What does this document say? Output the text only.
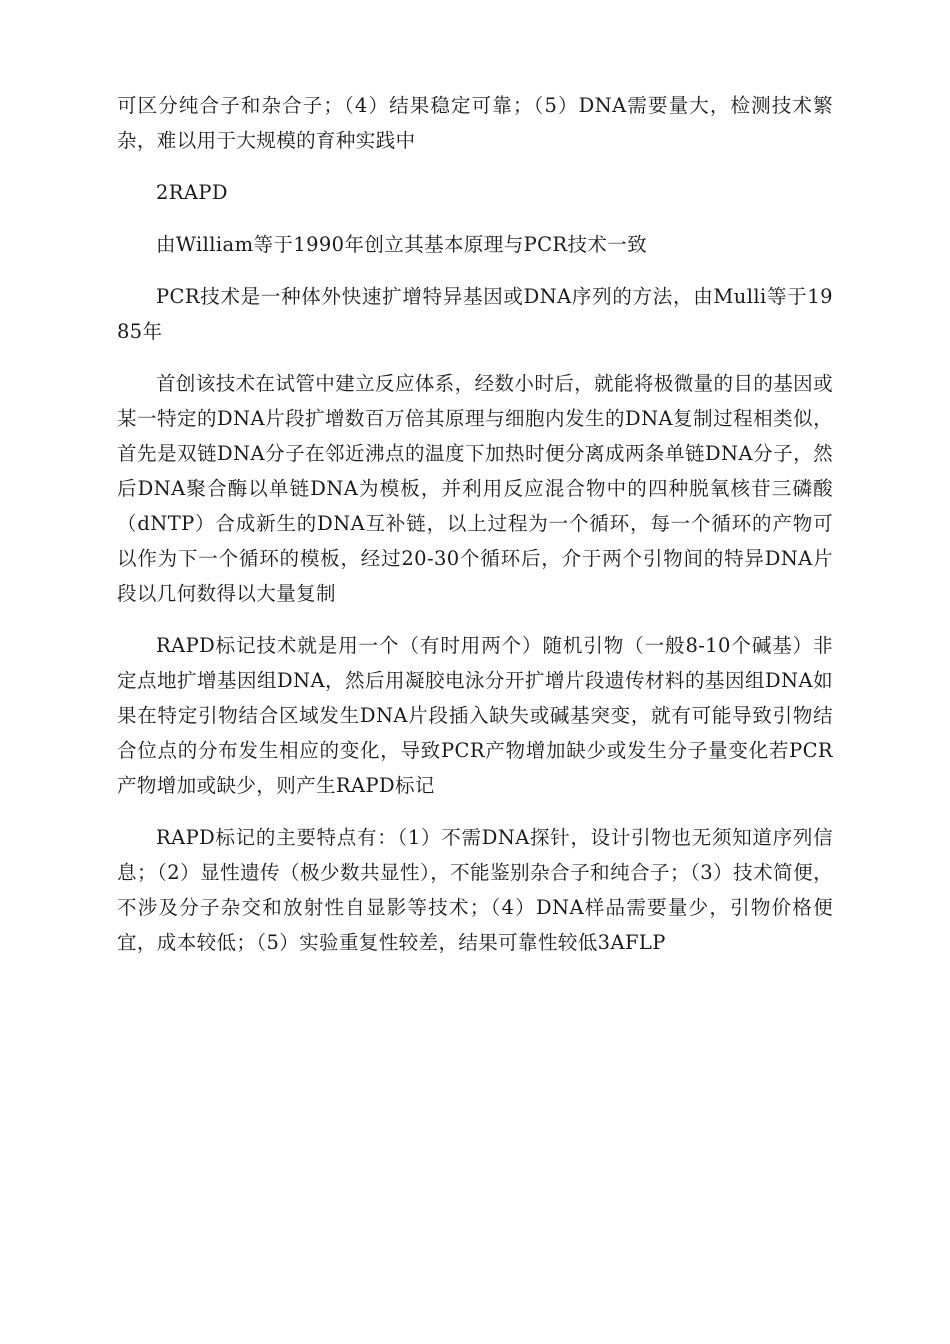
可区分纯合子和杂合子；（4）结果稳定可靠；（5）DNA需要量大，检测技术繁杂，难以用于大规模的育种实践中

2RAPD

由William等于1990年创立其基本原理与PCR技术一致

PCR技术是一种体外快速扩增特异基因或DNA序列的方法，由Mulli等于1985年

首创该技术在试管中建立反应体系，经数小时后，就能将极微量的目的基因或某一特定的DNA片段扩增数百万倍其原理与细胞内发生的DNA复制过程相类似，首先是双链DNA分子在邻近沸点的温度下加热时便分离成两条单链DNA分子，然后DNA聚合酶以单链DNA为模板，并利用反应混合物中的四种脱氧核苷三磷酸（dNTP）合成新生的DNA互补链，以上过程为一个循环，每一个循环的产物可以作为下一个循环的模板，经过20-30个循环后，介于两个引物间的特异DNA片段以几何数得以大量复制

RAPD标记技术就是用一个（有时用两个）随机引物（一般8-10个碱基）非定点地扩增基因组DNA，然后用凝胶电泳分开扩增片段遗传材料的基因组DNA如果在特定引物结合区域发生DNA片段插入缺失或碱基突变，就有可能导致引物结合位点的分布发生相应的变化，导致PCR产物增加缺少或发生分子量变化若PCR产物增加或缺少，则产生RAPD标记

RAPD标记的主要特点有：（1）不需DNA探针，设计引物也无须知道序列信息；（2）显性遗传（极少数共显性），不能鉴别杂合子和纯合子；（3）技术简便，不涉及分子杂交和放射性自显影等技术；（4）DNA样品需要量少，引物价格便宜，成本较低；（5）实验重复性较差，结果可靠性较低3AFLP
